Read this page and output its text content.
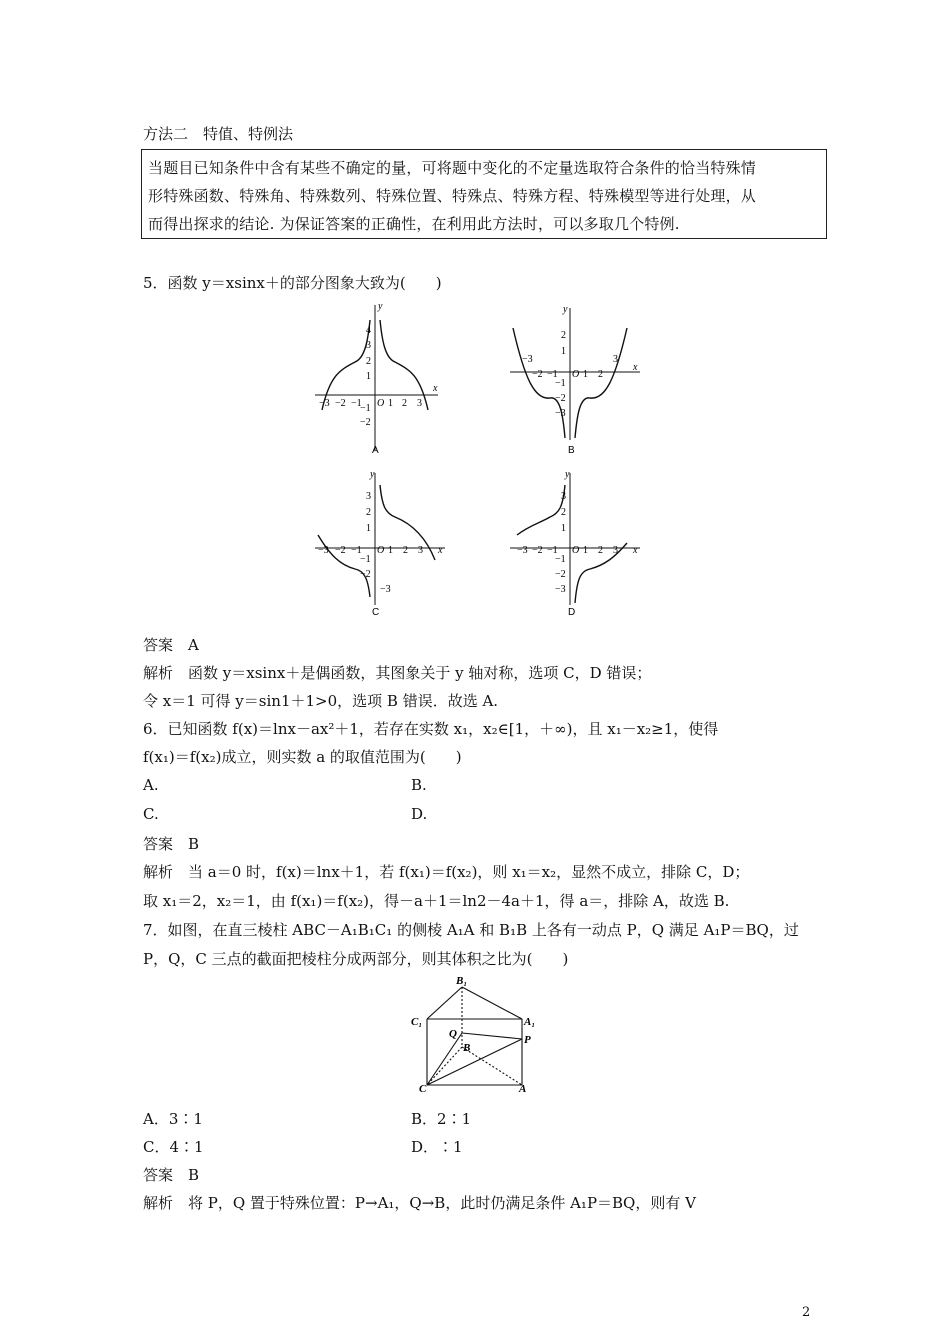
方法二　特值、特例法
当题目已知条件中含有某些不确定的量，可将题中变化的不定量选取符合条件的恰当特殊情
形特殊函数、特殊角、特殊数列、特殊位置、特殊点、特殊方程、特殊模型等进行处理，从
而得出探求的结论. 为保证答案的正确性，在利用此方法时，可以多取几个特例.
5．函数 y＝xsinx＋的部分图象大致为(　　)
y
x
−3 −2 −1 O 1 2 3
4
3
2
1
−1
−2
A
y
x
−3
−2 −1 O 1 2
3
2
1
−1
−2
−3
B
y
x
−3 −2 −1 O 1 2 3
3
2
1
−1
−2
−3
C
y
x
−3 −2 −1 O 1 2 3
3
2
1
−1
−2
−3
D
答案　A
解析　函数 y＝xsinx＋是偶函数，其图象关于 y 轴对称，选项 C，D 错误；
令 x＝1 可得 y＝sin1＋1>0，选项 B 错误．故选 A.
6．已知函数 f(x)＝lnx－ax²＋1，若存在实数 x₁，x₂∈[1，＋∞)，且 x₁－x₂≥1，使得
f(x₁)＝f(x₂)成立，则实数 a 的取值范围为(　　)
A.	B.
C.	D.
答案　B
解析　当 a＝0 时，f(x)＝lnx＋1，若 f(x₁)＝f(x₂)，则 x₁＝x₂，显然不成立，排除 C，D；
取 x₁＝2，x₂＝1，由 f(x₁)＝f(x₂)，得－a＋1＝ln2－4a＋1，得 a＝，排除 A，故选 B.
7．如图，在直三棱柱 ABC－A₁B₁C₁ 的侧棱 A₁A 和 B₁B 上各有一动点 P，Q 满足 A₁P＝BQ，过
P，Q，C 三点的截面把棱柱分成两部分，则其体积之比为(　　)
B₁
C₁	A₁
Q	P
B
C	A
A．3∶1	B．2∶1
C．4∶1	D．∶1
答案　B
解析　将 P，Q 置于特殊位置：P→A₁，Q→B，此时仍满足条件 A₁P＝BQ，则有 V
2
